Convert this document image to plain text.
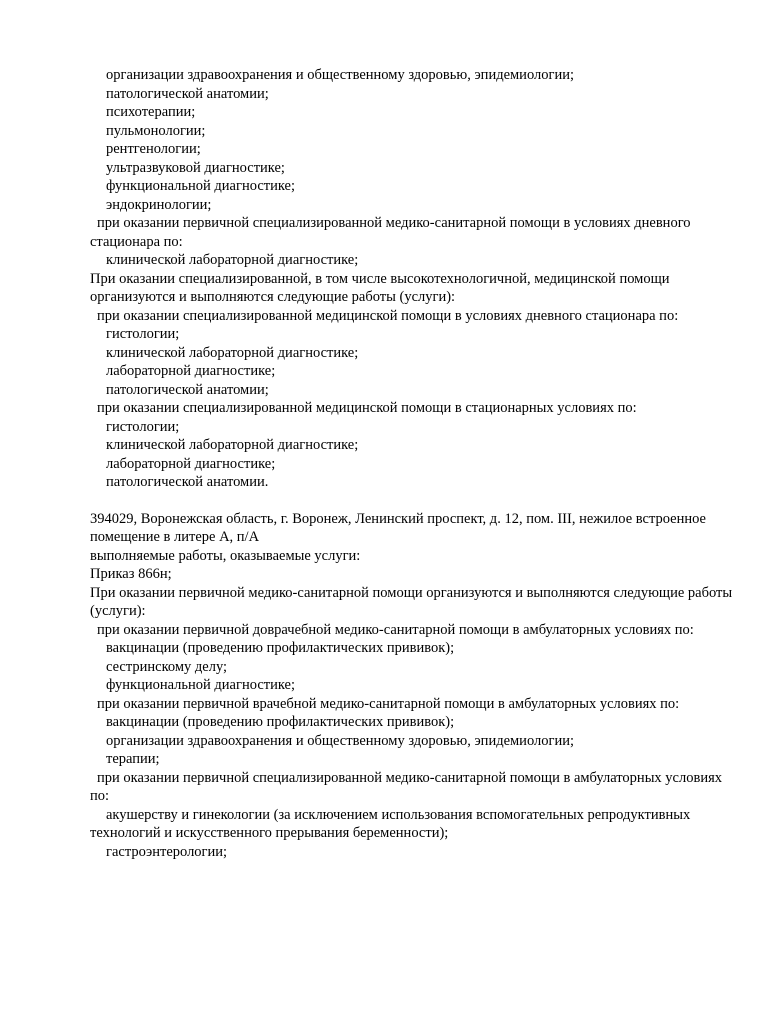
организации здравоохранения и общественному здоровью, эпидемиологии;

патологической анатомии;

психотерапии;

пульмонологии;

рентгенологии;

ультразвуковой диагностике;

функциональной диагностике;

эндокринологии;

при оказании первичной специализированной медико-санитарной помощи в условиях дневного стационара по:

клинической лабораторной диагностике;

При оказании специализированной, в том числе высокотехнологичной, медицинской помощи организуются и выполняются следующие работы (услуги):

при оказании специализированной медицинской помощи в условиях дневного стационара по:

гистологии;

клинической лабораторной диагностике;

лабораторной диагностике;

патологической анатомии;

при оказании специализированной медицинской помощи в стационарных условиях по:

гистологии;

клинической лабораторной диагностике;

лабораторной диагностике;

патологической анатомии.

394029, Воронежская область, г. Воронеж, Ленинский проспект, д. 12, пом. III, нежилое встроенное помещение в литере А, п/А

выполняемые работы, оказываемые услуги:

Приказ 866н;

При оказании первичной медико-санитарной помощи организуются и выполняются следующие работы (услуги):

при оказании первичной доврачебной медико-санитарной помощи в амбулаторных условиях по:

вакцинации (проведению профилактических прививок);

сестринскому делу;

функциональной диагностике;

при оказании первичной врачебной медико-санитарной помощи в амбулаторных условиях по:

вакцинации (проведению профилактических прививок);

организации здравоохранения и общественному здоровью, эпидемиологии;

терапии;

при оказании первичной специализированной медико-санитарной помощи в амбулаторных условиях по:

акушерству и гинекологии (за исключением использования вспомогательных репродуктивных технологий и искусственного прерывания беременности);

гастроэнтерологии;
